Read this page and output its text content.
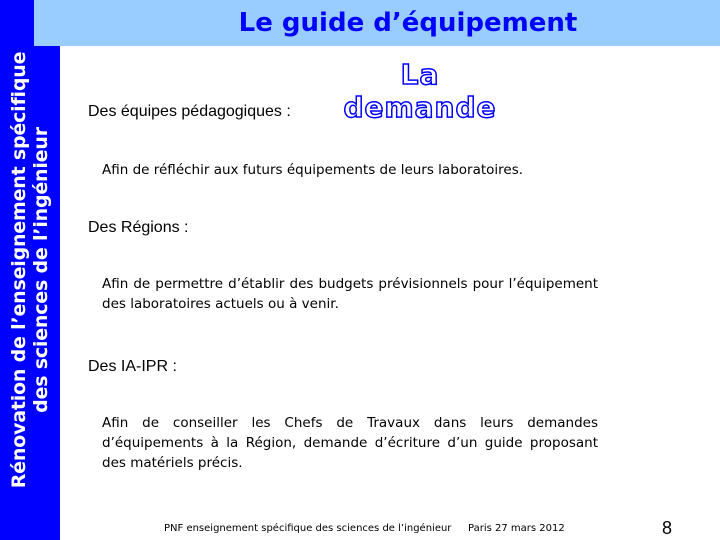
Rénovation de l’enseignement spécifique des sciences de l’ingénieur
Le guide d’équipement
La demande
Des équipes pédagogiques :
Afin de réfléchir aux futurs équipements de leurs laboratoires.
Des Régions :
Afin de permettre d’établir des budgets prévisionnels pour l’équipement des laboratoires actuels ou à venir.
Des IA-IPR :
Afin de conseiller les Chefs de Travaux dans leurs demandes d’équipements à la Région, demande d’écriture d’un guide proposant des matériels précis.
PNF enseignement spécifique des sciences de l’ingénieur Paris 27 mars 2012	8
